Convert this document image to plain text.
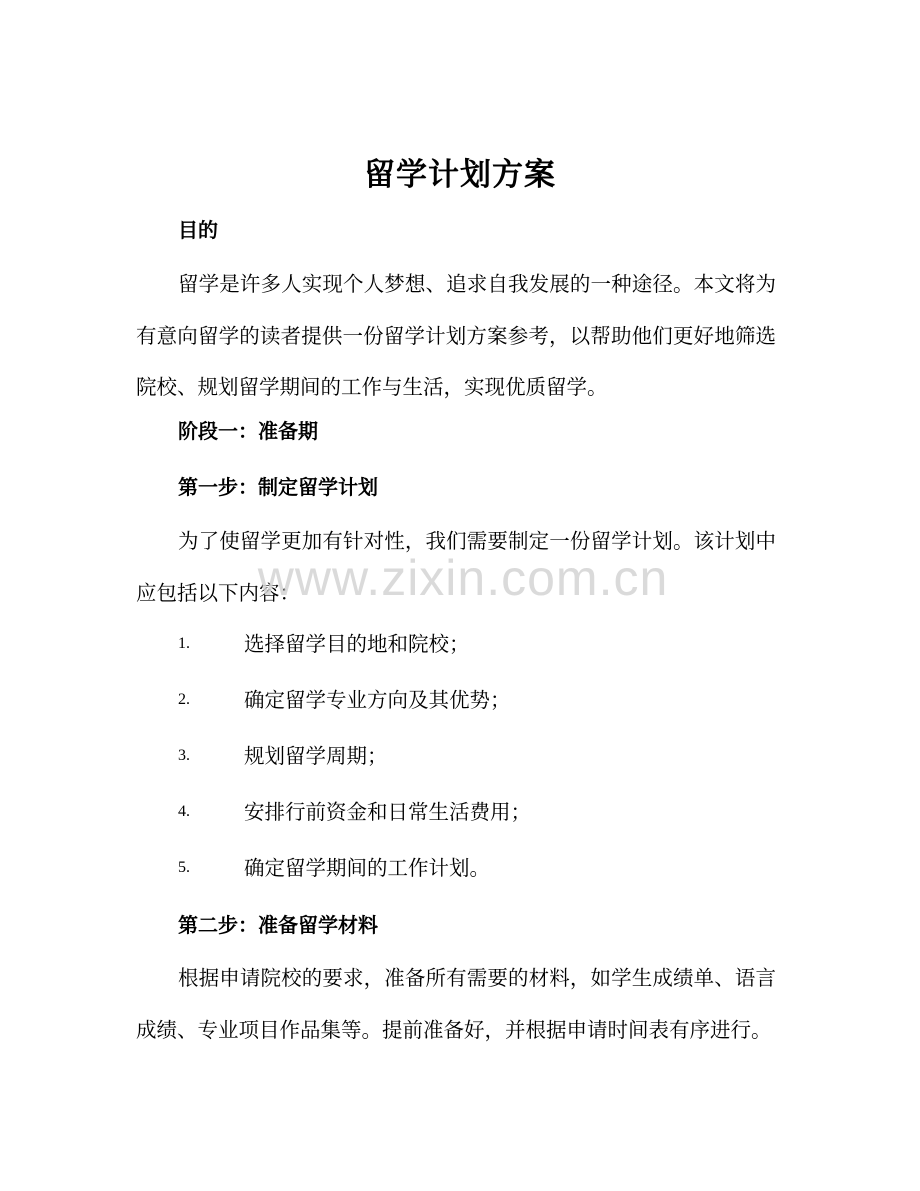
留学计划方案
目的

留学是许多人实现个人梦想、追求自我发展的一种途径。本文将为有意向留学的读者提供一份留学计划方案参考，以帮助他们更好地筛选院校、规划留学期间的工作与生活，实现优质留学。

阶段一：准备期
第一步：制定留学计划

为了使留学更加有针对性，我们需要制定一份留学计划。该计划中应包括以下内容：

1.	选择留学目的地和院校；
2.	确定留学专业方向及其优势；
3.	规划留学周期；
4.	安排行前资金和日常生活费用；
5.	确定留学期间的工作计划。
第二步：准备留学材料

根据申请院校的要求，准备所有需要的材料，如学生成绩单、语言成绩、专业项目作品集等。提前准备好，并根据申请时间表有序进行。

www.zixin.com.cn
